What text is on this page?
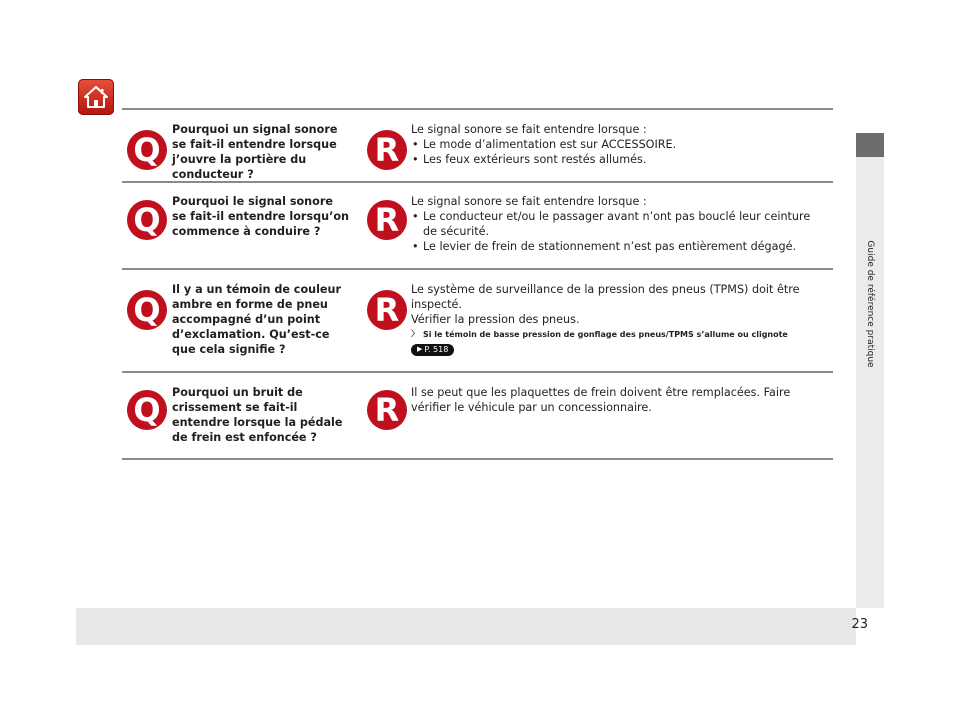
Guide de référence pratique
Q
Pourquoi un signal sonore se fait-il entendre lorsque j’ouvre la portière du conducteur ?
R
Le signal sonore se fait entendre lorsque :
• Le mode d’alimentation est sur ACCESSOIRE.
• Les feux extérieurs sont restés allumés.
Q	Pourquoi le signal sonore se fait-il entendre lorsqu’on commence à conduire ?	R	Le signal sonore se fait entendre lorsque :
• Le conducteur et/ou le passager avant n’ont pas bouclé leur ceinture de sécurité.
• Le levier de frein de stationnement n’est pas entièrement dégagé.
Q
Il y a un témoin de couleur ambre en forme de pneu accompagné d’un point d’exclamation. Qu’est-ce que cela signifie ?
R
Le système de surveillance de la pression des pneus (TPMS) doit être inspecté.
Vérifier la pression des pneus.
〉 Si le témoin de basse pression de gonflage des pneus/TPMS s’allume ou clignote
▶ P. 518
Q	Pourquoi un bruit de crissement se fait-il entendre lorsque la pédale de frein est enfoncée ?
R	Il se peut que les plaquettes de frein doivent être remplacées. Faire vérifier le véhicule par un concessionnaire.
23
